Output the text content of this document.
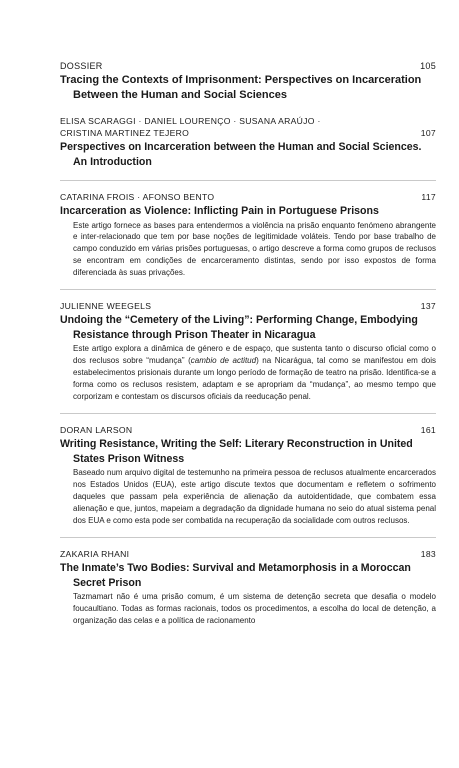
DOSSIER	105
Tracing the Contexts of Imprisonment: Perspectives on Incarceration Between the Human and Social Sciences
ELISA SCARAGGI · DANIEL LOURENÇO · SUSANA ARAÚJO ·
CRISTINA MARTINEZ TEJERO	107
Perspectives on Incarceration between the Human and Social Sciences. An Introduction
CATARINA FROIS · AFONSO BENTO	117
Incarceration as Violence: Inflicting Pain in Portuguese Prisons
Este artigo fornece as bases para entendermos a violência na prisão enquanto fenómeno abrangente e inter-relacionado que tem por base noções de legitimidade voláteis. Tendo por base trabalho de campo conduzido em várias prisões portuguesas, o artigo descreve a forma como grupos de reclusos se encontram em condições de encarceramento distintas, sendo por isso expostos de forma diferenciada às suas privações.
JULIENNE WEEGELS	137
Undoing the “Cemetery of the Living”: Performing Change, Embodying Resistance through Prison Theater in Nicaragua
Este artigo explora a dinâmica de género e de espaço, que sustenta tanto o discurso oficial como o dos reclusos sobre “mudança” (cambio de actitud) na Nicarágua, tal como se manifestou em dois estabelecimentos prisionais durante um longo período de formação de teatro na prisão. Identifica-se a forma como os reclusos resistem, adaptam e se apropriam da “mudança”, ao mesmo tempo que corporizam e contestam os discursos oficiais da reeducação penal.
DORAN LARSON	161
Writing Resistance, Writing the Self: Literary Reconstruction in United States Prison Witness
Baseado num arquivo digital de testemunho na primeira pessoa de reclusos atualmente encarcerados nos Estados Unidos (EUA), este artigo discute textos que documentam e refletem o sofrimento daqueles que passam pela experiência de alienação da autoidentidade, que combatem essa alienação e que, juntos, mapeiam a degradação da dignidade humana no seio do atual sistema penal dos EUA e como esta pode ser combatida na recuperação da socialidade com outros reclusos.
ZAKARIA RHANI	183
The Inmate’s Two Bodies: Survival and Metamorphosis in a Moroccan Secret Prison
Tazmamart não é uma prisão comum, é um sistema de detenção secreta que desafia o modelo foucaultiano. Todas as formas racionais, todos os procedimentos, a escolha do local de detenção, a organização das celas e a política de racionamento
